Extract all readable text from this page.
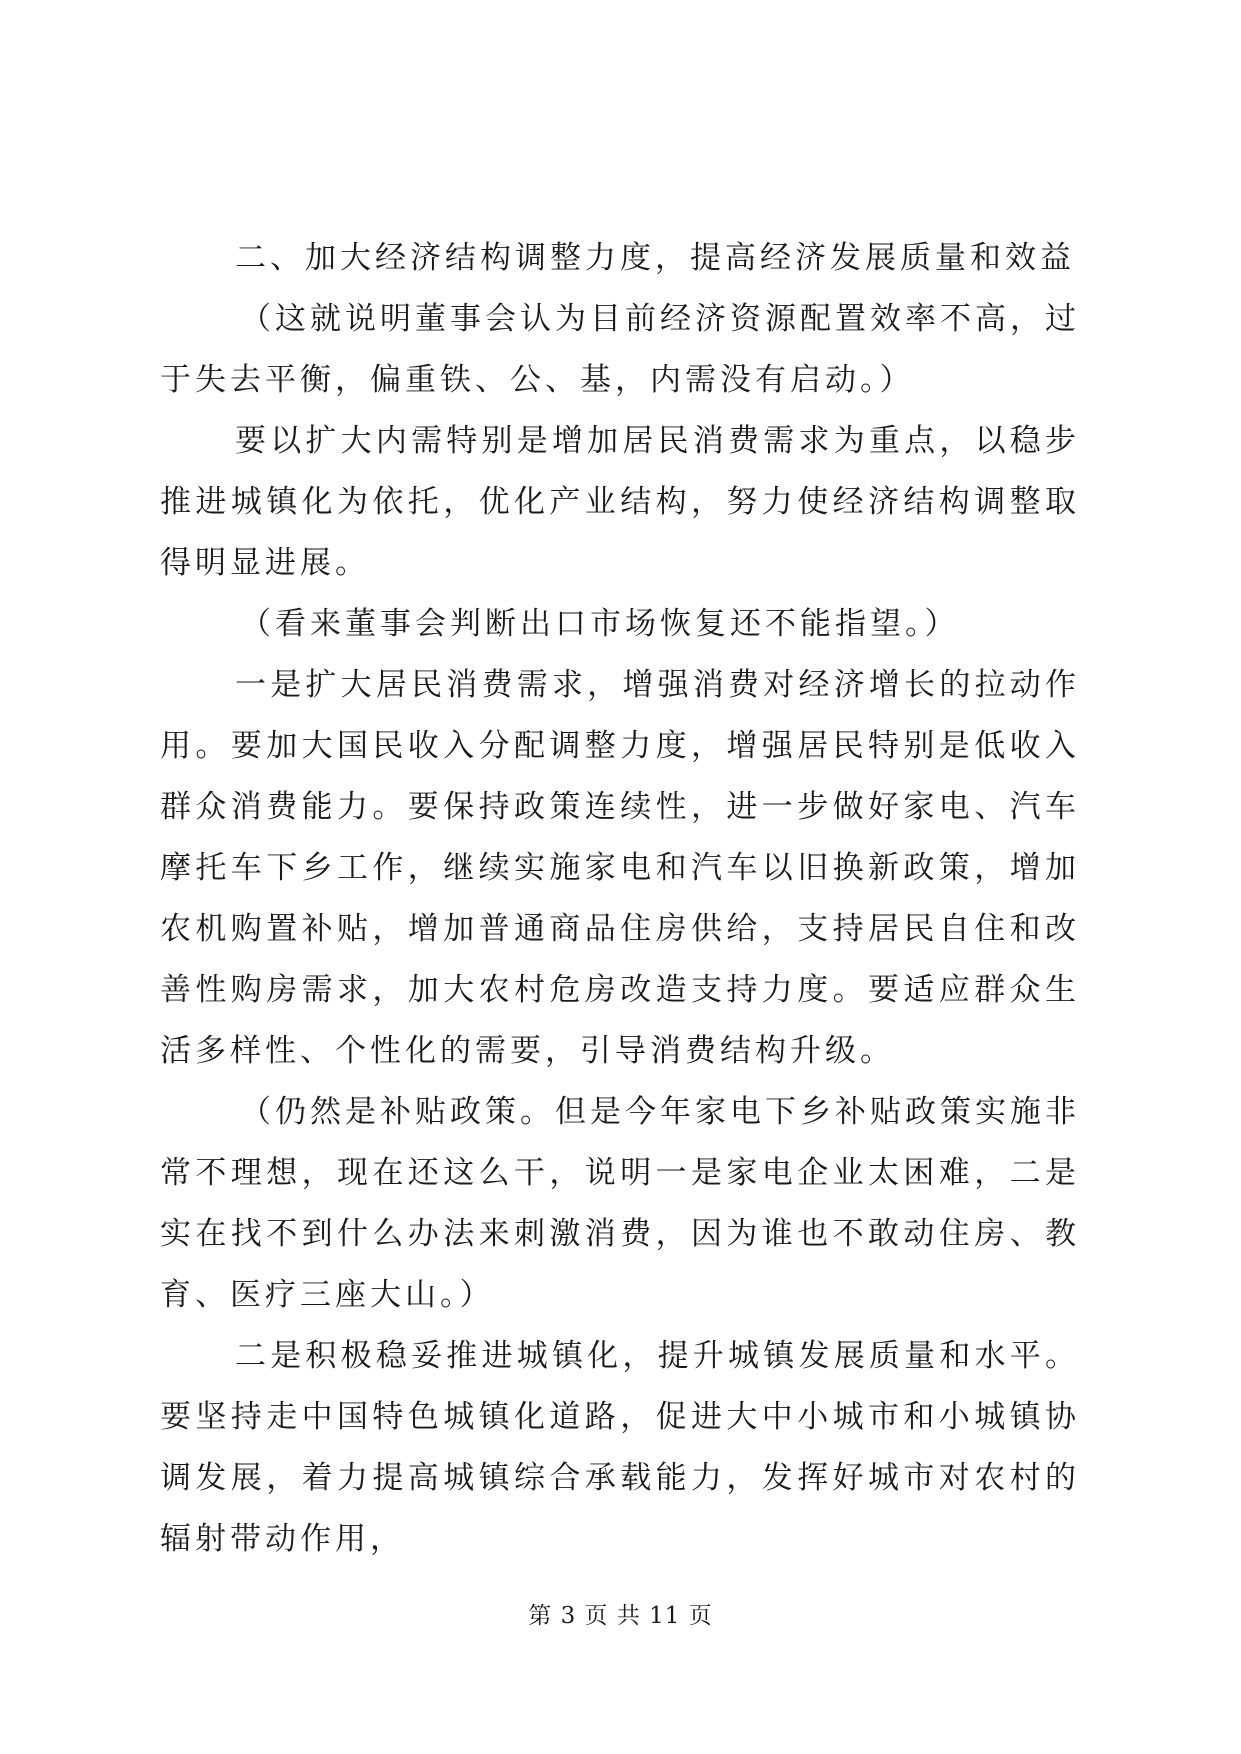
二、加大经济结构调整力度，提高经济发展质量和效益

（这就说明董事会认为目前经济资源配置效率不高，过于失去平衡，偏重铁、公、基，内需没有启动。）

要以扩大内需特别是增加居民消费需求为重点，以稳步推进城镇化为依托，优化产业结构，努力使经济结构调整取得明显进展。

（看来董事会判断出口市场恢复还不能指望。）

一是扩大居民消费需求，增强消费对经济增长的拉动作用。要加大国民收入分配调整力度，增强居民特别是低收入群众消费能力。要保持政策连续性，进一步做好家电、汽车摩托车下乡工作，继续实施家电和汽车以旧换新政策，增加农机购置补贴，增加普通商品住房供给，支持居民自住和改善性购房需求，加大农村危房改造支持力度。要适应群众生活多样性、个性化的需要，引导消费结构升级。

（仍然是补贴政策。但是今年家电下乡补贴政策实施非常不理想，现在还这么干，说明一是家电企业太困难，二是实在找不到什么办法来刺激消费，因为谁也不敢动住房、教育、医疗三座大山。）

二是积极稳妥推进城镇化，提升城镇发展质量和水平。要坚持走中国特色城镇化道路，促进大中小城市和小城镇协调发展，着力提高城镇综合承载能力，发挥好城市对农村的辐射带动作用，

第 3 页 共 11 页
